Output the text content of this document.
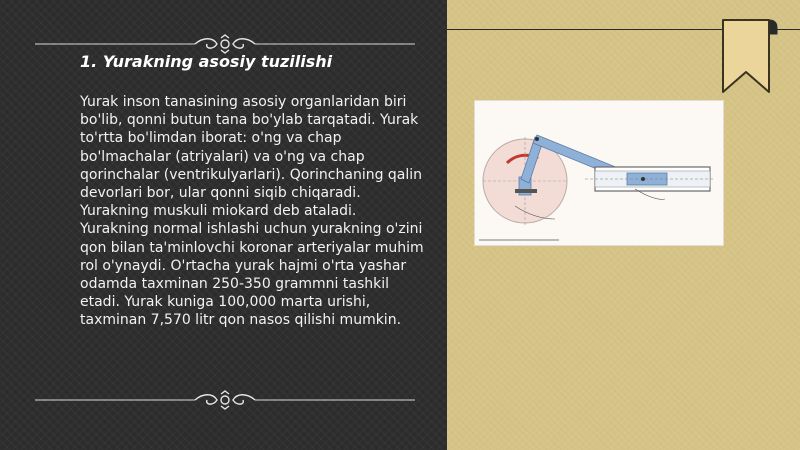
1. Yurakning asosiy tuzilishi

Yurak inson tanasining asosiy organlaridan biri bo'lib, qonni butun tana bo'ylab tarqatadi. Yurak to'rtta bo'limdan iborat: o'ng va chap bo'lmachalar (atriyalari) va o'ng va chap qorinchalar (ventrikulyarlari). Qorinchaning qalin devorlari bor, ular qonni siqib chiqaradi. Yurakning muskuli miokard deb ataladi. Yurakning normal ishlashi uchun yurakning o'zini qon bilan ta'minlovchi koronar arteriyalar muhim rol o'ynaydi. O'rtacha yurak hajmi o'rta yashar odamda taxminan 250-350 grammni tashkil etadi. Yurak kuniga 100,000 marta urishi, taxminan 7,570 litr qon nasos qilishi mumkin.
